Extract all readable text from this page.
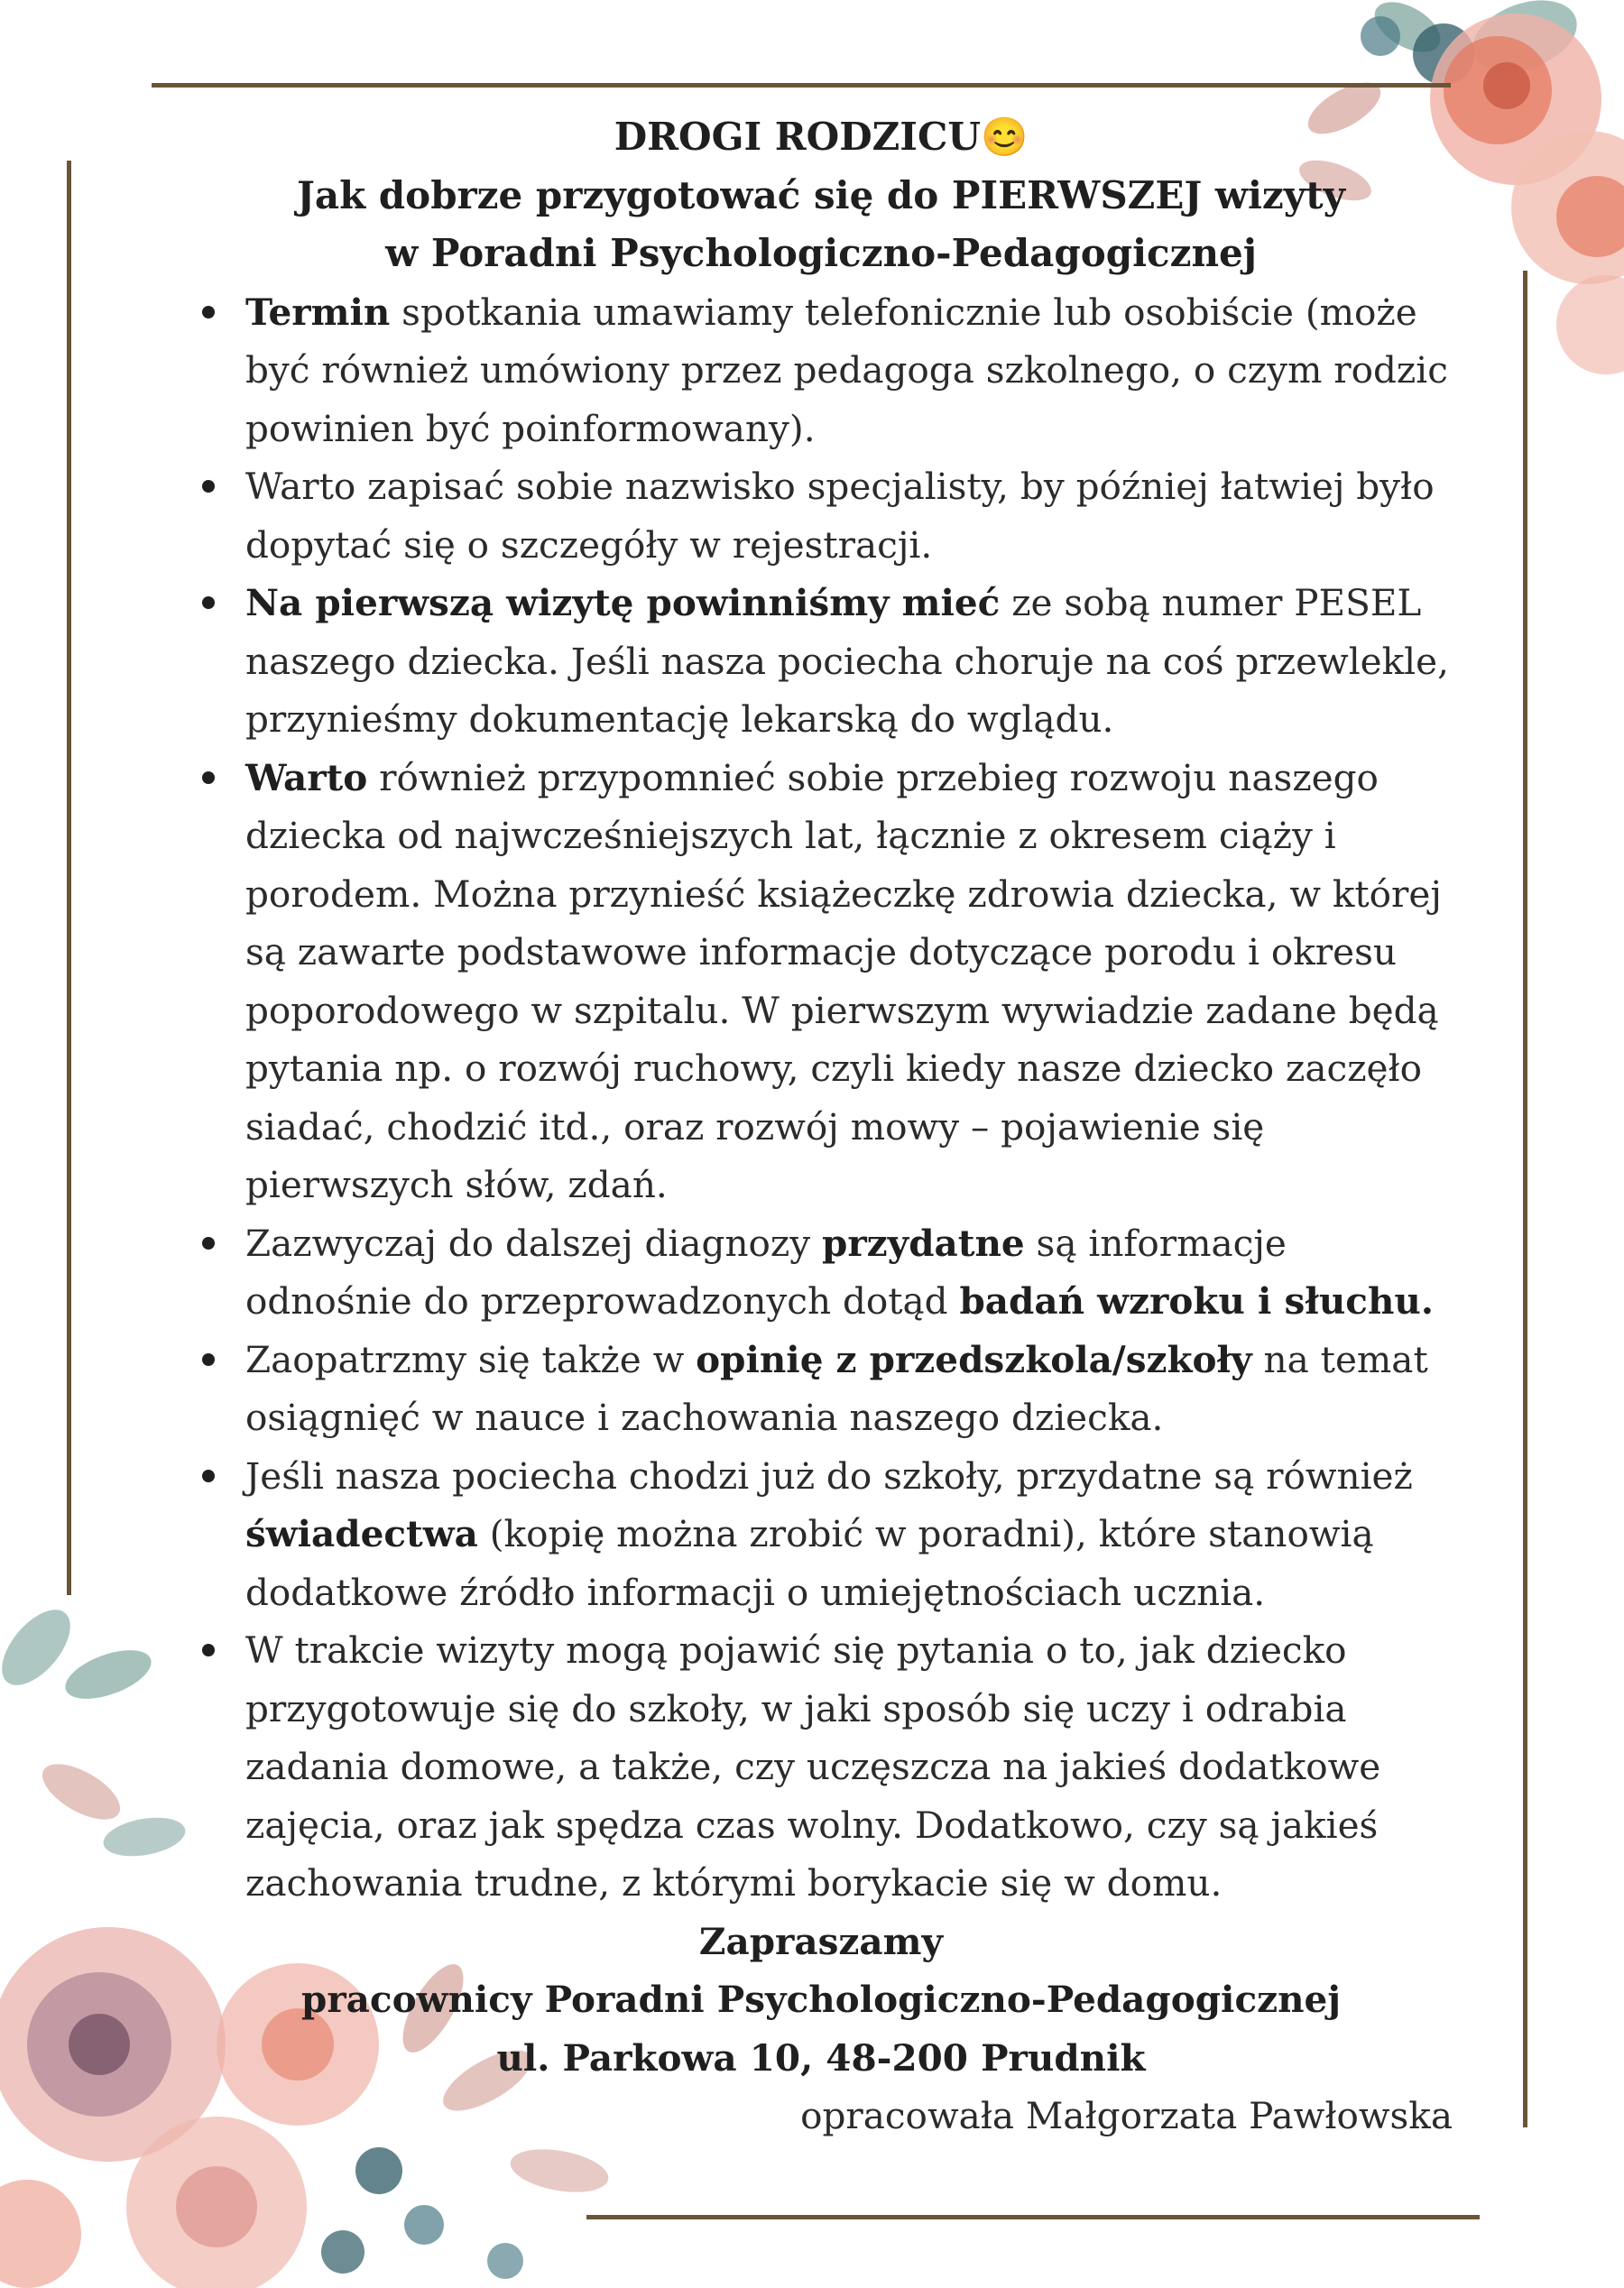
DROGI RODZICU😊
Jak dobrze przygotować się do PIERWSZEJ wizyty
w Poradni Psychologiczno-Pedagogicznej

Termin spotkania umawiamy telefonicznie lub osobiście (może być również umówiony przez pedagoga szkolnego, o czym rodzic powinien być poinformowany).
Warto zapisać sobie nazwisko specjalisty, by później łatwiej było dopytać się o szczegóły w rejestracji.
Na pierwszą wizytę powinniśmy mieć ze sobą numer PESEL naszego dziecka. Jeśli nasza pociecha choruje na coś przewlekle, przynieśmy dokumentację lekarską do wglądu.
Warto również przypomnieć sobie przebieg rozwoju naszego dziecka od najwcześniejszych lat, łącznie z okresem ciąży i porodem. Można przynieść książeczkę zdrowia dziecka, w której są zawarte podstawowe informacje dotyczące porodu i okresu poporodowego w szpitalu. W pierwszym wywiadzie zadane będą pytania np. o rozwój ruchowy, czyli kiedy nasze dziecko zaczęło siadać, chodzić itd., oraz rozwój mowy – pojawienie się pierwszych słów, zdań.
Zazwyczaj do dalszej diagnozy przydatne są informacje odnośnie do przeprowadzonych dotąd badań wzroku i słuchu.
Zaopatrzmy się także w opinię z przedszkola/szkoły na temat osiągnięć w nauce i zachowania naszego dziecka.
Jeśli nasza pociecha chodzi już do szkoły, przydatne są również świadectwa (kopię można zrobić w poradni), które stanowią dodatkowe źródło informacji o umiejętnościach ucznia.
W trakcie wizyty mogą pojawić się pytania o to, jak dziecko przygotowuje się do szkoły, w jaki sposób się uczy i odrabia zadania domowe, a także, czy uczęszcza na jakieś dodatkowe zajęcia, oraz jak spędza czas wolny. Dodatkowo, czy są jakieś zachowania trudne, z którymi borykacie się w domu.

Zapraszamy
pracownicy Poradni Psychologiczno-Pedagogicznej
ul. Parkowa 10, 48-200 Prudnik

opracowała Małgorzata Pawłowska
